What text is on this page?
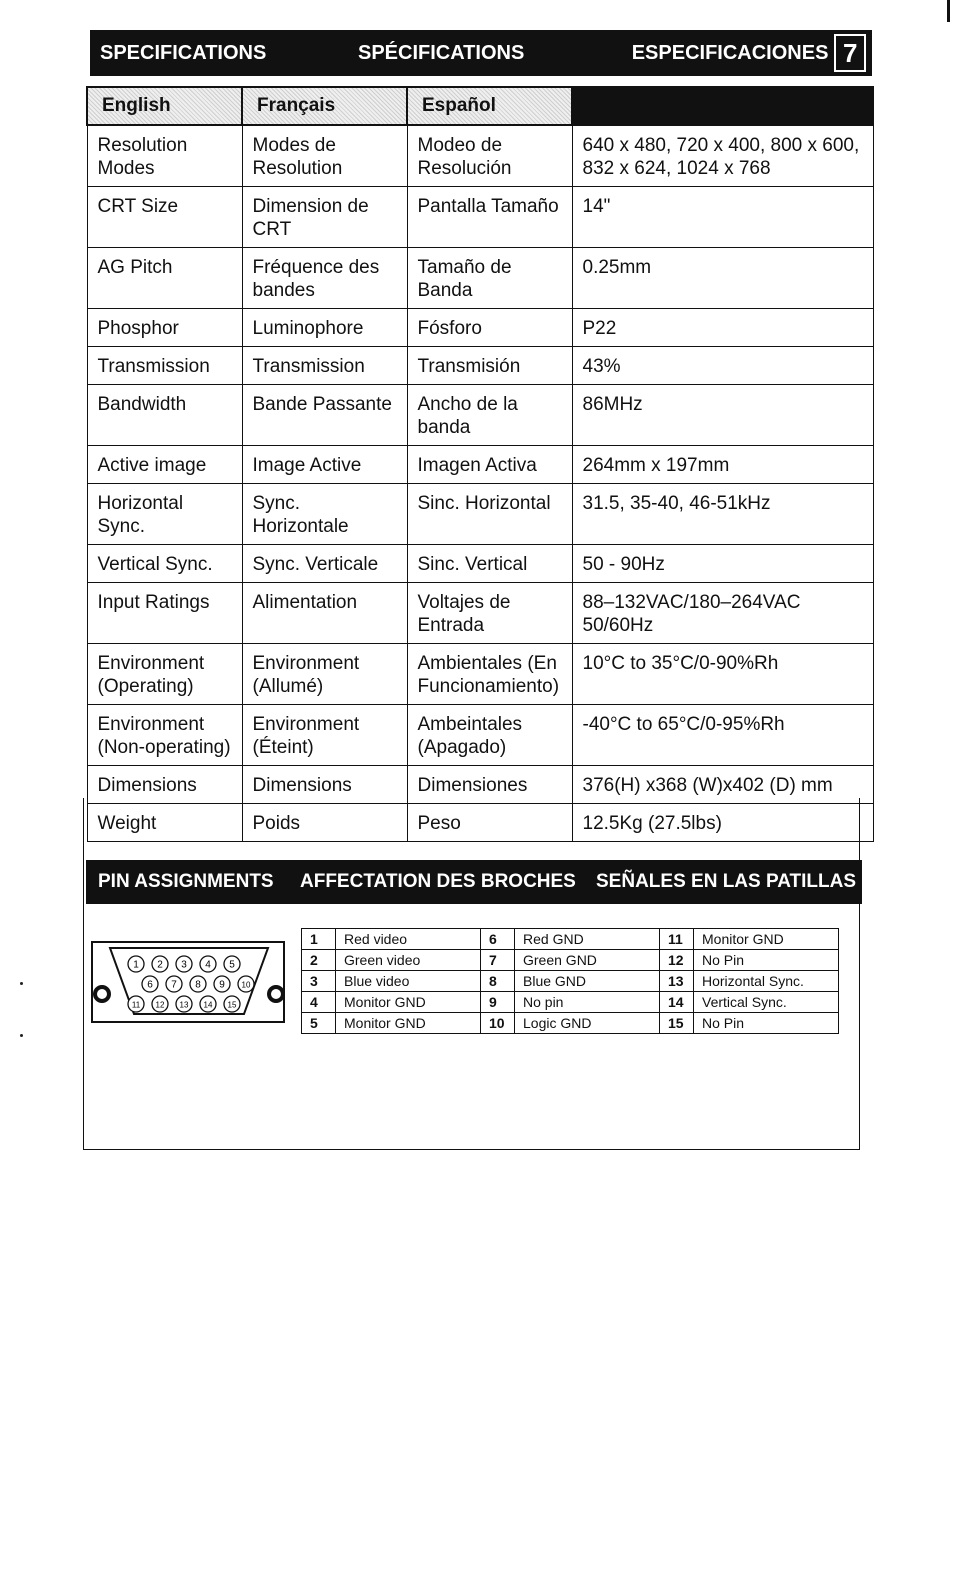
SPECIFICATIONS	SPÉCIFICATIONS	ESPECIFICACIONES 7
English	Français	Español	
Resolution Modes	Modes de Resolution	Modeo de Resolución	640 x 480, 720 x 400, 800 x 600, 832 x 624, 1024 x 768
CRT Size	Dimension de CRT	Pantalla Tamaño	14"
AG Pitch	Fréquence des bandes	Tamaño de Banda	0.25mm
Phosphor	Luminophore	Fósforo	P22
Transmission	Transmission	Transmisión	43%
Bandwidth	Bande Passante	Ancho de la banda	86MHz
Active image	Image Active	Imagen Activa	264mm x 197mm
Horizontal Sync.	Sync. Horizontale	Sinc. Horizontal	31.5, 35-40, 46-51kHz
Vertical Sync.	Sync. Verticale	Sinc. Vertical	50 - 90Hz
Input Ratings	Alimentation	Voltajes de Entrada	88–132VAC/180–264VAC 50/60Hz
Environment (Operating)	Environment (Allumé)	Ambientales (En Funcionamiento)	10°C to 35°C/0-90%Rh
Environment (Non-operating)	Environment (Éteint)	Ambeintales (Apagado)	-40°C to 65°C/0-95%Rh
Dimensions	Dimensions	Dimensiones	376(H) x368 (W)x402 (D) mm
Weight	Poids	Peso	12.5Kg (27.5lbs)
PIN ASSIGNMENTS	AFFECTATION DES BROCHES	SEÑALES EN LAS PATILLAS
1 2 3 4 5
6 7 8 9 10
11 12 13 14 15
1	Red video	6	Red GND	11	Monitor GND
2	Green video	7	Green GND	12	No Pin
3	Blue video	8	Blue GND	13	Horizontal Sync.
4	Monitor GND	9	No pin	14	Vertical Sync.
5	Monitor GND	10	Logic GND	15	No Pin
